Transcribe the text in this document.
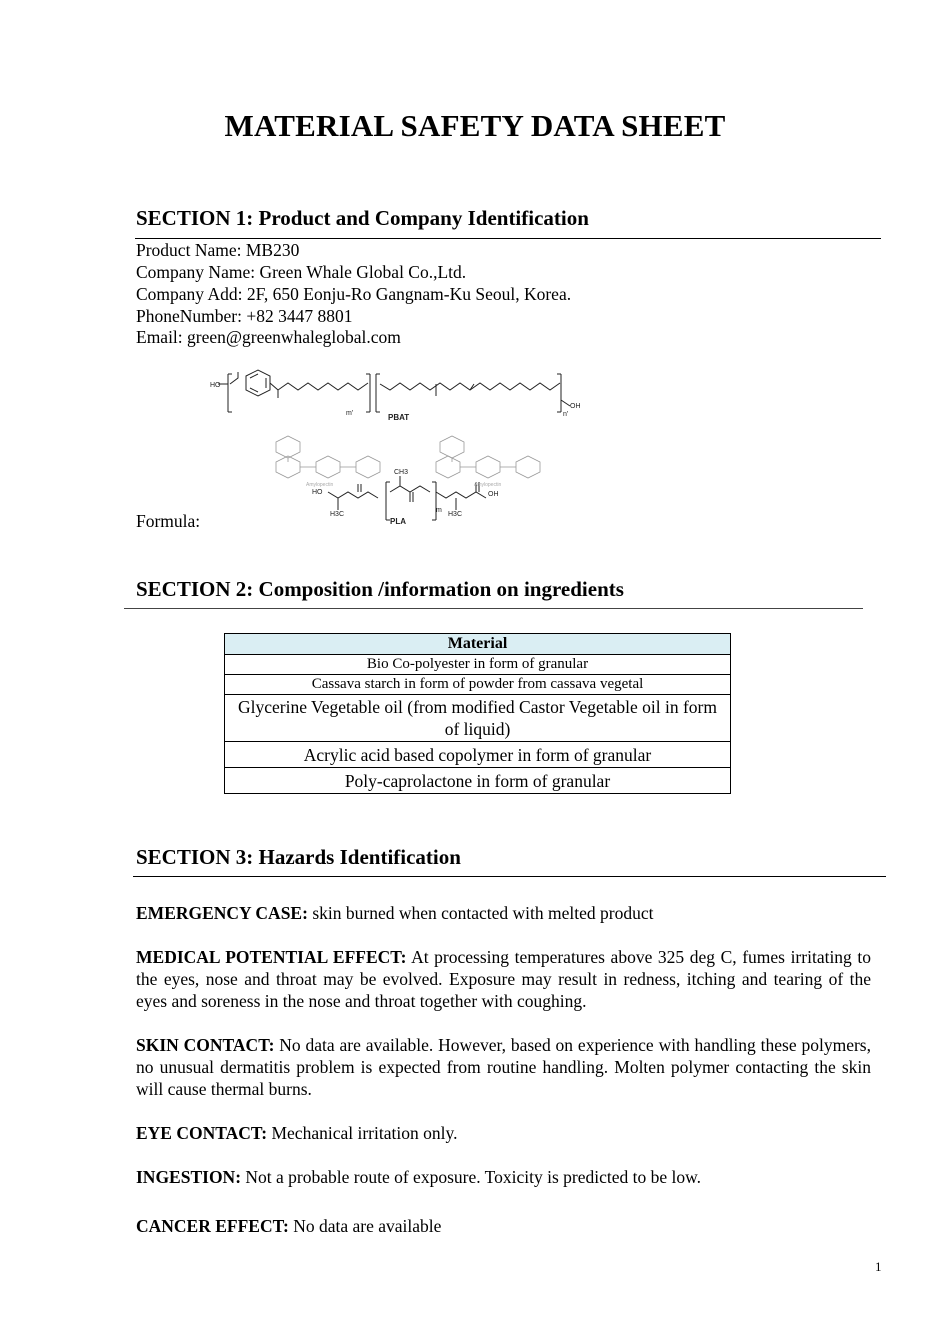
MATERIAL SAFETY DATA SHEET
SECTION 1: Product and Company Identification
Product Name: MB230
Company Name: Green Whale Global Co.,Ltd.
Company Add: 2F, 650 Eonju-Ro Gangnam-Ku Seoul, Korea.
PhoneNumber: +82 3447 8801
Email: green@greenwhaleglobal.com
HO
OH
m'	n'
PBAT
HO
H3C
CH3
m
H3C
OH
PLA
Amylopectin	Amylopectin
Formula:
SECTION 2: Composition /information on ingredients
Material
Bio Co-polyester in form of granular
Cassava starch in form of powder from cassava vegetal
Glycerine Vegetable oil (from modified Castor Vegetable oil in form of liquid)
Acrylic acid based copolymer in form of granular
Poly-caprolactone in form of granular
SECTION 3: Hazards Identification
EMERGENCY CASE: skin burned when contacted with melted product
MEDICAL POTENTIAL EFFECT: At processing temperatures above 325 deg C, fumes irritating to the eyes, nose and throat may be evolved. Exposure may result in redness, itching and tearing of the eyes and soreness in the nose and throat together with coughing.
SKIN CONTACT: No data are available. However, based on experience with handling these polymers, no unusual dermatitis problem is expected from routine handling. Molten polymer contacting the skin will cause thermal burns.
EYE CONTACT: Mechanical irritation only.
INGESTION: Not a probable route of exposure. Toxicity is predicted to be low.
CANCER EFFECT: No data are available
1
